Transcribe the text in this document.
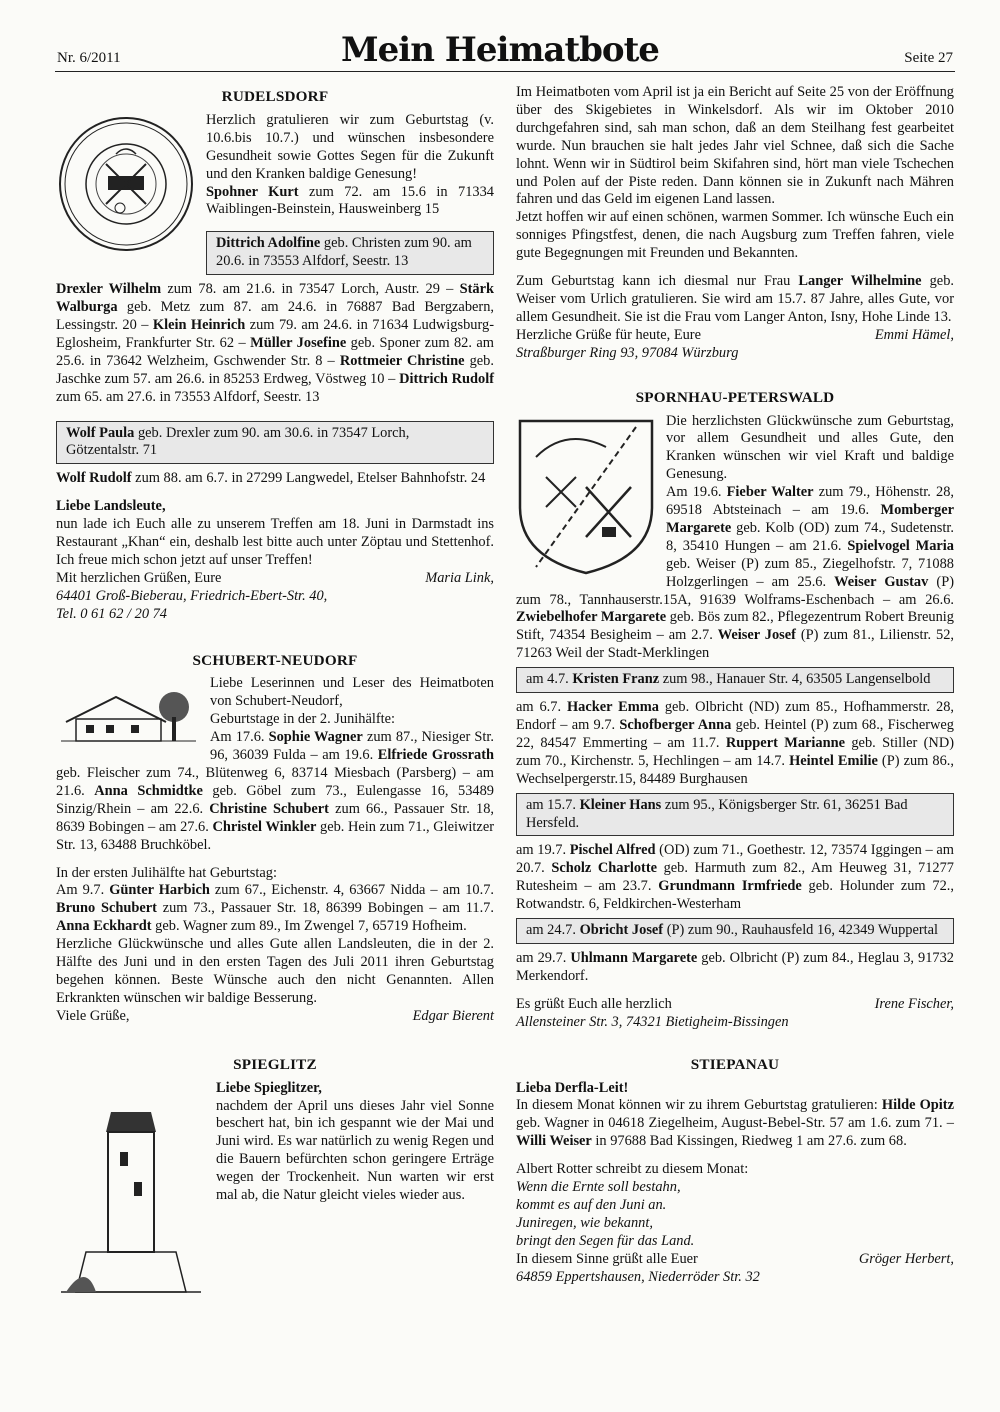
Nr. 6/2011	Mein Heimatbote	Seite 27
RUDELSDORF

Herzlich gratulieren wir zum Geburtstag (v. 10.6.bis 10.7.) und wünschen insbesondere Gesundheit sowie Gottes Segen für die Zukunft und den Kranken baldige Genesung!

Spohner Kurt zum 72. am 15.6 in 71334 Waiblingen-Beinstein, Hausweinberg 15

Dittrich Adolfine geb. Christen zum 90. am 20.6. in 73553 Alfdorf, Seestr. 13

Drexler Wilhelm zum 78. am 21.6. in 73547 Lorch, Austr. 29 – Stärk Walburga geb. Metz zum 87. am 24.6. in 76887 Bad Bergzabern, Lessingstr. 20 – Klein Heinrich zum 79. am 24.6. in 71634 Ludwigsburg-Eglosheim, Frankfurter Str. 62 – Müller Josefine geb. Sponer zum 82. am 25.6. in 73642 Welzheim, Gschwender Str. 8 – Rottmeier Christine geb. Jaschke zum 57. am 26.6. in 85253 Erdweg, Vöstweg 10 – Dittrich Rudolf zum 65. am 27.6. in 73553 Alfdorf, Seestr. 13

Wolf Paula geb. Drexler zum 90. am 30.6. in 73547 Lorch, Götzentalstr. 71

Wolf Rudolf zum 88. am 6.7. in 27299 Langwedel, Etelser Bahnhofstr. 24

Liebe Landsleute,

nun lade ich Euch alle zu unserem Treffen am 18. Juni in Darmstadt ins Restaurant „Khan“ ein, deshalb lest bitte auch unter Zöptau und Stettenhof. Ich freue mich schon jetzt auf unser Treffen!

Mit herzlichen Grüßen, Eure	Maria Link,

64401 Groß-Bieberau, Friedrich-Ebert-Str. 40,

Tel. 0 61 62 / 20 74

SCHUBERT-NEUDORF

Liebe Leserinnen und Leser des Heimatboten von Schubert-Neudorf,

Geburtstage in der 2. Junihälfte:

Am 17.6. Sophie Wagner zum 87., Niesiger Str. 96, 36039 Fulda – am 19.6. Elfriede Grossrath geb. Fleischer zum 74., Blütenweg 6, 83714 Miesbach (Parsberg) – am 21.6. Anna Schmidtke geb. Göbel zum 73., Eulengasse 16, 53489 Sinzig/Rhein – am 22.6. Christine Schubert zum 66., Passauer Str. 18, 8639 Bobingen – am 27.6. Christel Winkler geb. Hein zum 71., Gleiwitzer Str. 13, 63488 Bruchköbel.

In der ersten Julihälfte hat Geburtstag:

Am 9.7. Günter Harbich zum 67., Eichenstr. 4, 63667 Nidda – am 10.7. Bruno Schubert zum 73., Passauer Str. 18, 86399 Bobingen – am 11.7. Anna Eckhardt geb. Wagner zum 89., Im Zwengel 7, 65719 Hofheim.

Herzliche Glückwünsche und alles Gute allen Landsleuten, die in der 2. Hälfte des Juni und in den ersten Tagen des Juli 2011 ihren Geburtstag begehen können. Beste Wünsche auch den nicht Genannten. Allen Erkrankten wünschen wir baldige Besserung.

Viele Grüße,	Edgar Bierent
SPIEGLITZ

Liebe Spieglitzer,

nachdem der April uns dieses Jahr viel Sonne beschert hat, bin ich gespannt wie der Mai und Juni wird. Es war natürlich zu wenig Regen und die Bauern befürchten schon geringere Erträge wegen der Trockenheit. Nun warten wir erst mal ab, die Natur gleicht vieles wieder aus.

Im Heimatboten vom April ist ja ein Bericht auf Seite 25 von der Eröffnung über des Skigebietes in Winkelsdorf. Als wir im Oktober 2010 durchgefahren sind, sah man schon, daß an dem Steilhang fest gearbeitet wurde. Nun brauchen sie halt jedes Jahr viel Schnee, daß sich die Sache lohnt. Wenn wir in Südtirol beim Skifahren sind, hört man viele Tschechen und Polen auf der Piste reden. Dann können sie in Zukunft nach Mähren fahren und das Geld im eigenen Land lassen.

Jetzt hoffen wir auf einen schönen, warmen Sommer. Ich wünsche Euch ein sonniges Pfingstfest, denen, die nach Augsburg zum Treffen fahren, viele gute Begegnungen mit Freunden und Bekannten.

Zum Geburtstag kann ich diesmal nur Frau Langer Wilhelmine geb. Weiser vom Urlich gratulieren. Sie wird am 15.7. 87 Jahre, alles Gute, vor allem Gesundheit. Sie ist die Frau vom Langer Anton, Isny, Hohe Linde 13.

Herzliche Grüße für heute, Eure	Emmi Hämel,

Straßburger Ring 93, 97084 Würzburg

SPORNHAU-PETERSWALD

Die herzlichsten Glückwünsche zum Geburtstag, vor allem Gesundheit und alles Gute, den Kranken wünschen wir viel Kraft und baldige Genesung.

Am 19.6. Fieber Walter zum 79., Höhenstr. 28, 69518 Abtsteinach – am 19.6. Momberger Margarete geb. Kolb (OD) zum 74., Sudetenstr. 8, 35410 Hungen – am 21.6. Spielvogel Maria geb. Weiser (P) zum 85., Ziegelhofstr. 7, 71088 Holzgerlingen – am 25.6. Weiser Gustav (P) zum 78., Tannhauserstr.15A, 91639 Wolframs-Eschenbach – am 26.6. Zwiebelhofer Margarete geb. Bös zum 82., Pflegezentrum Robert Breunig Stift, 74354 Besigheim – am 2.7. Weiser Josef (P) zum 81., Lilienstr. 52, 71263 Weil der Stadt-Merklingen

am 4.7. Kristen Franz zum 98., Hanauer Str. 4, 63505 Langenselbold

am 6.7. Hacker Emma geb. Olbricht (ND) zum 85., Hofhammerstr. 28, Endorf – am 9.7. Schofberger Anna geb. Heintel (P) zum 68., Fischerweg 22, 84547 Emmerting – am 11.7. Ruppert Marianne geb. Stiller (ND) zum 70., Kirchenstr. 5, Hechlingen – am 14.7. Heintel Emilie (P) zum 86., Wechselpergerstr.15, 84489 Burghausen

am 15.7. Kleiner Hans zum 95., Königsberger Str. 61, 36251 Bad Hersfeld.

am 19.7. Pischel Alfred (OD) zum 71., Goethestr. 12, 73574 Iggingen – am 20.7. Scholz Charlotte geb. Harmuth zum 82., Am Heuweg 31, 71277 Rutesheim – am 23.7. Grundmann Irmfriede geb. Holunder zum 72., Rotwandstr. 6, Feldkirchen-Westerham

am 24.7. Obricht Josef (P) zum 90., Rauhausfeld 16, 42349 Wuppertal

am 29.7. Uhlmann Margarete geb. Olbricht (P) zum 84., Heglau 3, 91732 Merkendorf.

Es grüßt Euch alle herzlich	Irene Fischer,

Allensteiner Str. 3, 74321 Bietigheim-Bissingen

STIEPANAU

Lieba Derfla-Leit!

In diesem Monat können wir zu ihrem Geburtstag gratulieren: Hilde Opitz geb. Wagner in 04618 Ziegelheim, August-Bebel-Str. 57 am 1.6. zum 71. – Willi Weiser in 97688 Bad Kissingen, Riedweg 1 am 27.6. zum 68.

Albert Rotter schreibt zu diesem Monat:

Wenn die Ernte soll bestahn,

kommt es auf den Juni an.

Juniregen, wie bekannt,

bringt den Segen für das Land.

In diesem Sinne grüßt alle Euer	Gröger Herbert,

64859 Eppertshausen, Niederröder Str. 32
